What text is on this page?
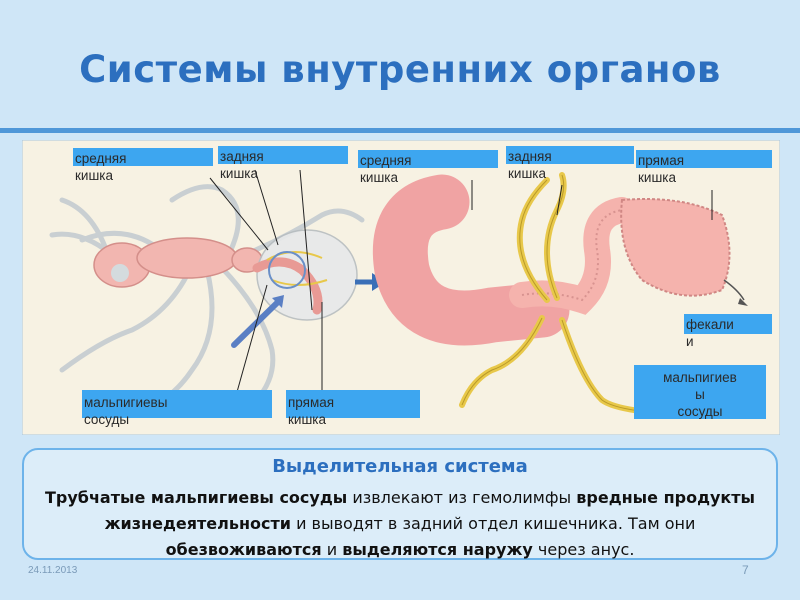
Системы внутренних органов
средняя
кишка
задняя
кишка
средняя
кишка
задняя
кишка
прямая
кишка
фекали
и
мальпигиевы
сосуды
прямая
кишка
мальпигиев
ы
сосуды
Выделительная система
Трубчатые мальпигиевы сосуды извлекают из гемолимфы вредные продукты жизнедеятельности и выводят в задний отдел кишечника. Там они обезвоживаются и выделяются наружу через анус.
24.11.2013	7
